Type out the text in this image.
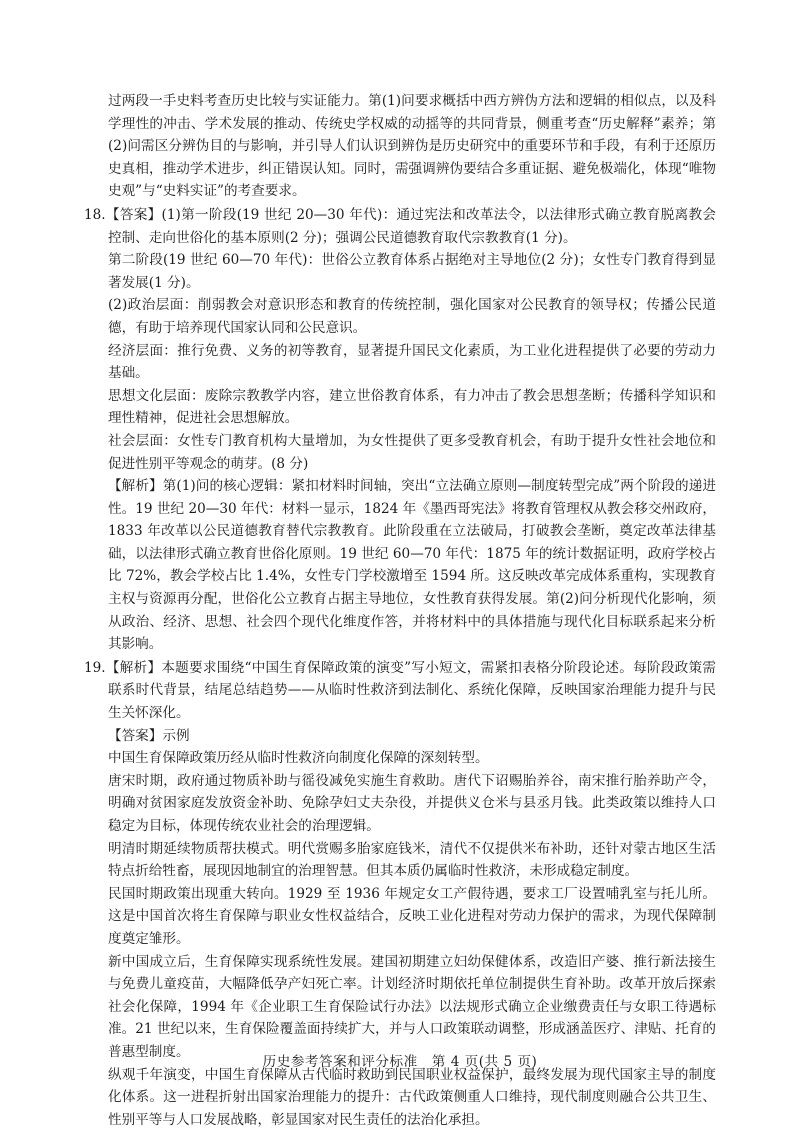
过两段一手史料考查历史比较与实证能力。第(1)问要求概括中西方辨伪方法和逻辑的相似点，以及科学理性的冲击、学术发展的推动、传统史学权威的动摇等的共同背景，侧重考查“历史解释”素养；第(2)问需区分辨伪目的与影响，并引导人们认识到辨伪是历史研究中的重要环节和手段，有利于还原历史真相，推动学术进步，纠正错误认知。同时，需强调辨伪要结合多重证据、避免极端化，体现“唯物史观”与“史料实证”的考查要求。

18.【答案】(1)第一阶段(19 世纪 20—30 年代)：通过宪法和改革法令，以法律形式确立教育脱离教会控制、走向世俗化的基本原则(2 分)；强调公民道德教育取代宗教教育(1 分)。

第二阶段(19 世纪 60—70 年代)：世俗公立教育体系占据绝对主导地位(2 分)；女性专门教育得到显著发展(1 分)。

(2)政治层面：削弱教会对意识形态和教育的传统控制，强化国家对公民教育的领导权；传播公民道德，有助于培养现代国家认同和公民意识。

经济层面：推行免费、义务的初等教育，显著提升国民文化素质，为工业化进程提供了必要的劳动力基础。

思想文化层面：废除宗教教学内容，建立世俗教育体系，有力冲击了教会思想垄断；传播科学知识和理性精神，促进社会思想解放。

社会层面：女性专门教育机构大量增加，为女性提供了更多受教育机会，有助于提升女性社会地位和促进性别平等观念的萌芽。(8 分)

【解析】第(1)问的核心逻辑：紧扣材料时间轴，突出“立法确立原则—制度转型完成”两个阶段的递进性。19 世纪 20—30 年代：材料一显示，1824 年《墨西哥宪法》将教育管理权从教会移交州政府，1833 年改革以公民道德教育替代宗教教育。此阶段重在立法破局，打破教会垄断，奠定改革法律基础，以法律形式确立教育世俗化原则。19 世纪 60—70 年代：1875 年的统计数据证明，政府学校占比 72%，教会学校占比 1.4%，女性专门学校激增至 1594 所。这反映改革完成体系重构，实现教育主权与资源再分配，世俗化公立教育占据主导地位，女性教育获得发展。第(2)问分析现代化影响，须从政治、经济、思想、社会四个现代化维度作答，并将材料中的具体措施与现代化目标联系起来分析其影响。

19.【解析】本题要求围绕“中国生育保障政策的演变”写小短文，需紧扣表格分阶段论述。每阶段政策需联系时代背景，结尾总结趋势——从临时性救济到法制化、系统化保障，反映国家治理能力提升与民生关怀深化。

【答案】示例

中国生育保障政策历经从临时性救济向制度化保障的深刻转型。

唐宋时期，政府通过物质补助与徭役减免实施生育救助。唐代下诏赐胎养谷，南宋推行胎养助产令，明确对贫困家庭发放资金补助、免除孕妇丈夫杂役，并提供义仓米与县丞月钱。此类政策以维持人口稳定为目标，体现传统农业社会的治理逻辑。

明清时期延续物质帮扶模式。明代赏赐多胎家庭钱米，清代不仅提供米布补助，还针对蒙古地区生活特点折给牲畜，展现因地制宜的治理智慧。但其本质仍属临时性救济，未形成稳定制度。

民国时期政策出现重大转向。1929 至 1936 年规定女工产假待遇，要求工厂设置哺乳室与托儿所。这是中国首次将生育保障与职业女性权益结合，反映工业化进程对劳动力保护的需求，为现代保障制度奠定雏形。

新中国成立后，生育保障实现系统性发展。建国初期建立妇幼保健体系，改造旧产婆、推行新法接生与免费儿童疫苗，大幅降低孕产妇死亡率。计划经济时期依托单位制提供生育补助。改革开放后探索社会化保障，1994 年《企业职工生育保险试行办法》以法规形式确立企业缴费责任与女职工待遇标准。21 世纪以来，生育保险覆盖面持续扩大，并与人口政策联动调整，形成涵盖医疗、津贴、托育的普惠型制度。

纵观千年演变，中国生育保障从古代临时救助到民国职业权益保护，最终发展为现代国家主导的制度化体系。这一进程折射出国家治理能力的提升：古代政策侧重人口维持，现代制度则融合公共卫生、性别平等与人口发展战略，彰显国家对民生责任的法治化承担。

历史参考答案和评分标准　第 4 页(共 5 页)
